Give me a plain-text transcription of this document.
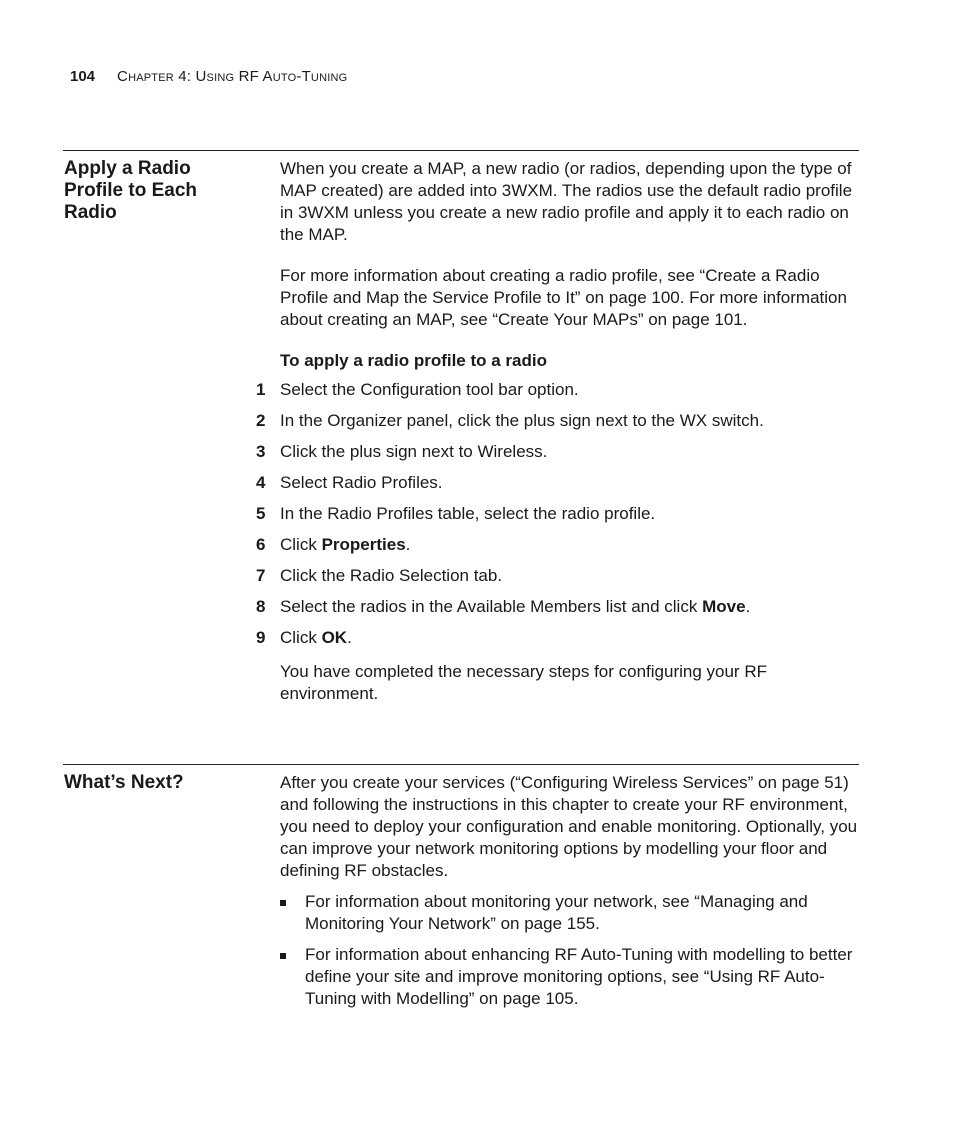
104 Chapter 4: Using RF Auto-Tuning
Apply a Radio Profile to Each Radio

When you create a MAP, a new radio (or radios, depending upon the type of MAP created) are added into 3WXM. The radios use the default radio profile in 3WXM unless you create a new radio profile and apply it to each radio on the MAP.

For more information about creating a radio profile, see “Create a Radio Profile and Map the Service Profile to It” on page 100. For more information about creating an MAP, see “Create Your MAPs” on page 101.

To apply a radio profile to a radio
1 Select the Configuration tool bar option.
2 In the Organizer panel, click the plus sign next to the WX switch.
3 Click the plus sign next to Wireless.
4 Select Radio Profiles.
5 In the Radio Profiles table, select the radio profile.
6 Click Properties.
7 Click the Radio Selection tab.
8 Select the radios in the Available Members list and click Move.
9 Click OK.

You have completed the necessary steps for configuring your RF environment.

What’s Next?	After you create your services (“Configuring Wireless Services” on page 51) and following the instructions in this chapter to create your RF environment, you need to deploy your configuration and enable monitoring. Optionally, you can improve your network monitoring options by modelling your floor and defining RF obstacles.

For information about monitoring your network, see “Managing and Monitoring Your Network” on page 155.
For information about enhancing RF Auto-Tuning with modelling to better define your site and improve monitoring options, see “Using RF Auto-Tuning with Modelling” on page 105.
